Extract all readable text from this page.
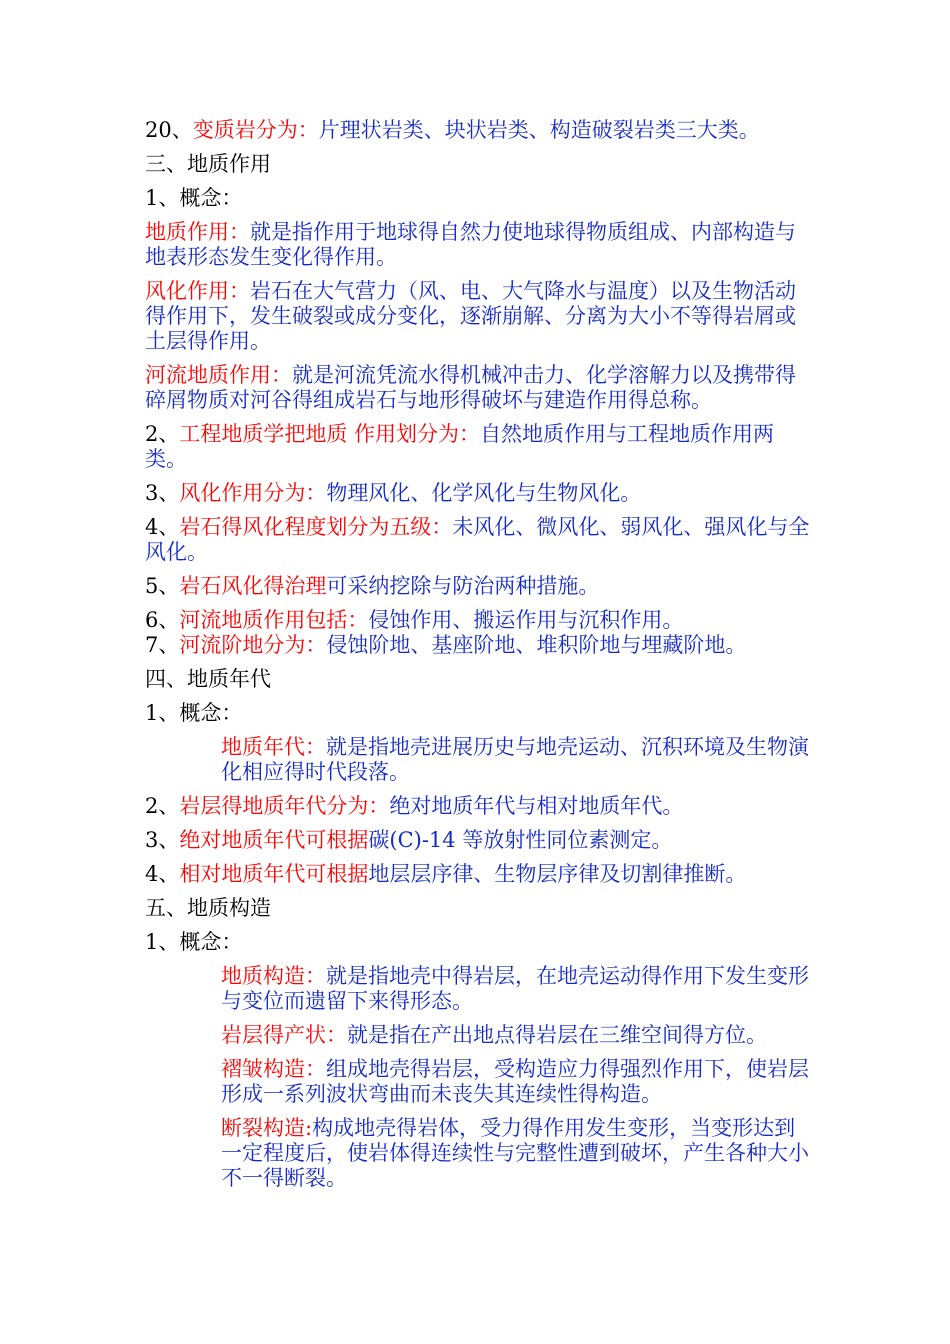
20、变质岩分为：片理状岩类、块状岩类、构造破裂岩类三大类。
三、地质作用
1、概念：
地质作用：就是指作用于地球得自然力使地球得物质组成、内部构造与地表形态发生变化得作用。
风化作用：岩石在大气营力（风、电、大气降水与温度）以及生物活动得作用下，发生破裂或成分变化，逐渐崩解、分离为大小不等得岩屑或土层得作用。
河流地质作用：就是河流凭流水得机械冲击力、化学溶解力以及携带得碎屑物质对河谷得组成岩石与地形得破坏与建造作用得总称。
2、工程地质学把地质 作用划分为：自然地质作用与工程地质作用两类。
3、风化作用分为：物理风化、化学风化与生物风化。
4、岩石得风化程度划分为五级：未风化、微风化、弱风化、强风化与全风化。
5、岩石风化得治理可采纳挖除与防治两种措施。
6、河流地质作用包括：侵蚀作用、搬运作用与沉积作用。
7、河流阶地分为：侵蚀阶地、基座阶地、堆积阶地与埋藏阶地。
四、地质年代
1、概念：
地质年代：就是指地壳进展历史与地壳运动、沉积环境及生物演化相应得时代段落。
2、岩层得地质年代分为：绝对地质年代与相对地质年代。
3、绝对地质年代可根据碳(C)-14 等放射性同位素测定。
4、相对地质年代可根据地层层序律、生物层序律及切割律推断。
五、地质构造
1、概念：
地质构造：就是指地壳中得岩层，在地壳运动得作用下发生变形与变位而遗留下来得形态。
岩层得产状：就是指在产出地点得岩层在三维空间得方位。
褶皱构造：组成地壳得岩层，受构造应力得强烈作用下，使岩层形成一系列波状弯曲而未丧失其连续性得构造。
断裂构造:构成地壳得岩体，受力得作用发生变形，当变形达到一定程度后，使岩体得连续性与完整性遭到破坏，产生各种大小不一得断裂。
